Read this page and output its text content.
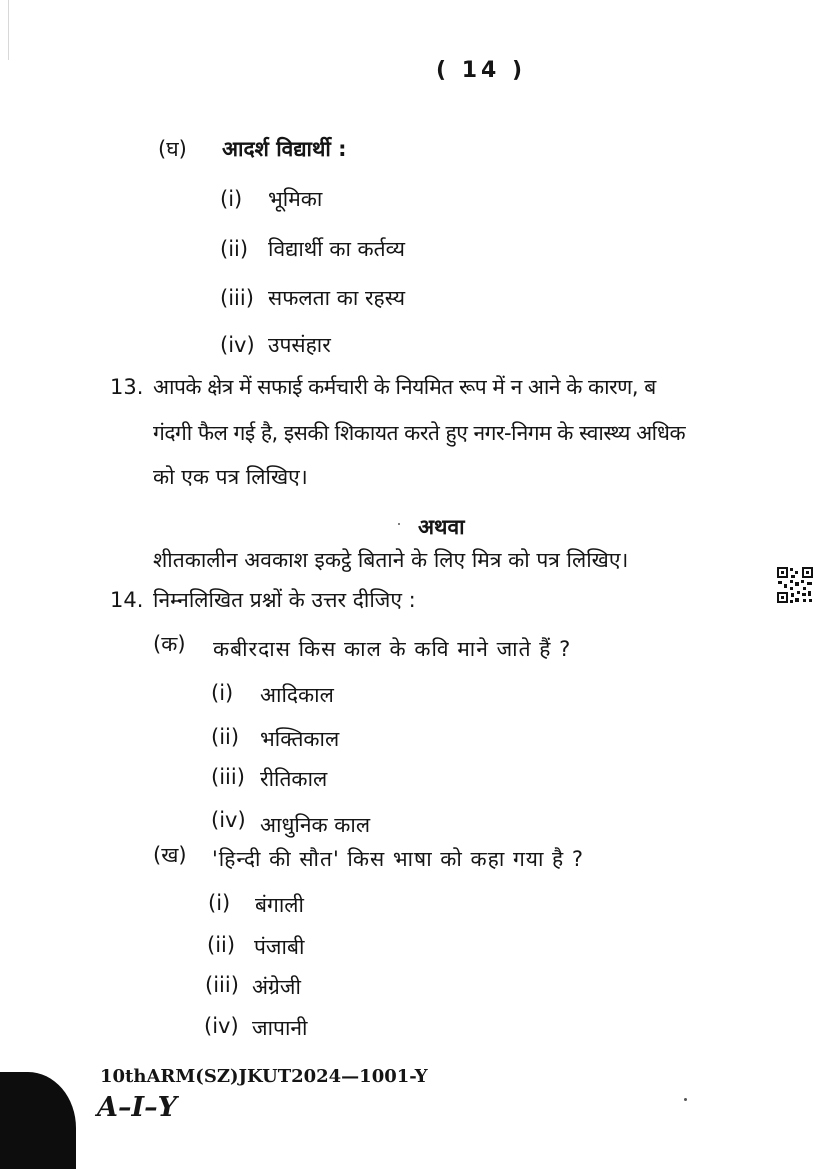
( 14 )
(घ) आदर्श विद्यार्थी :
(i) भूमिका
(ii) विद्यार्थी का कर्तव्य
(iii) सफलता का रहस्य
(iv) उपसंहार
13. आपके क्षेत्र में सफाई कर्मचारी के नियमित रूप में न आने के कारण, ब
गंदगी फैल गई है, इसकी शिकायत करते हुए नगर-निगम के स्वास्थ्य अधिक
को एक पत्र लिखिए।
अथवा
शीतकालीन अवकाश इकट्ठे बिताने के लिए मित्र को पत्र लिखिए।
14. निम्नलिखित प्रश्नों के उत्तर दीजिए :
(क) कबीरदास किस काल के कवि माने जाते हैं ?
(i) आदिकाल
(ii) भक्तिकाल
(iii) रीतिकाल
(iv) आधुनिक काल
(ख) 'हिन्दी की सौत' किस भाषा को कहा गया है ?
(i) बंगाली
(ii) पंजाबी
(iii) अंग्रेजी
(iv) जापानी
10thARM(SZ)JKUT2024—1001-Y
A–I–Y
